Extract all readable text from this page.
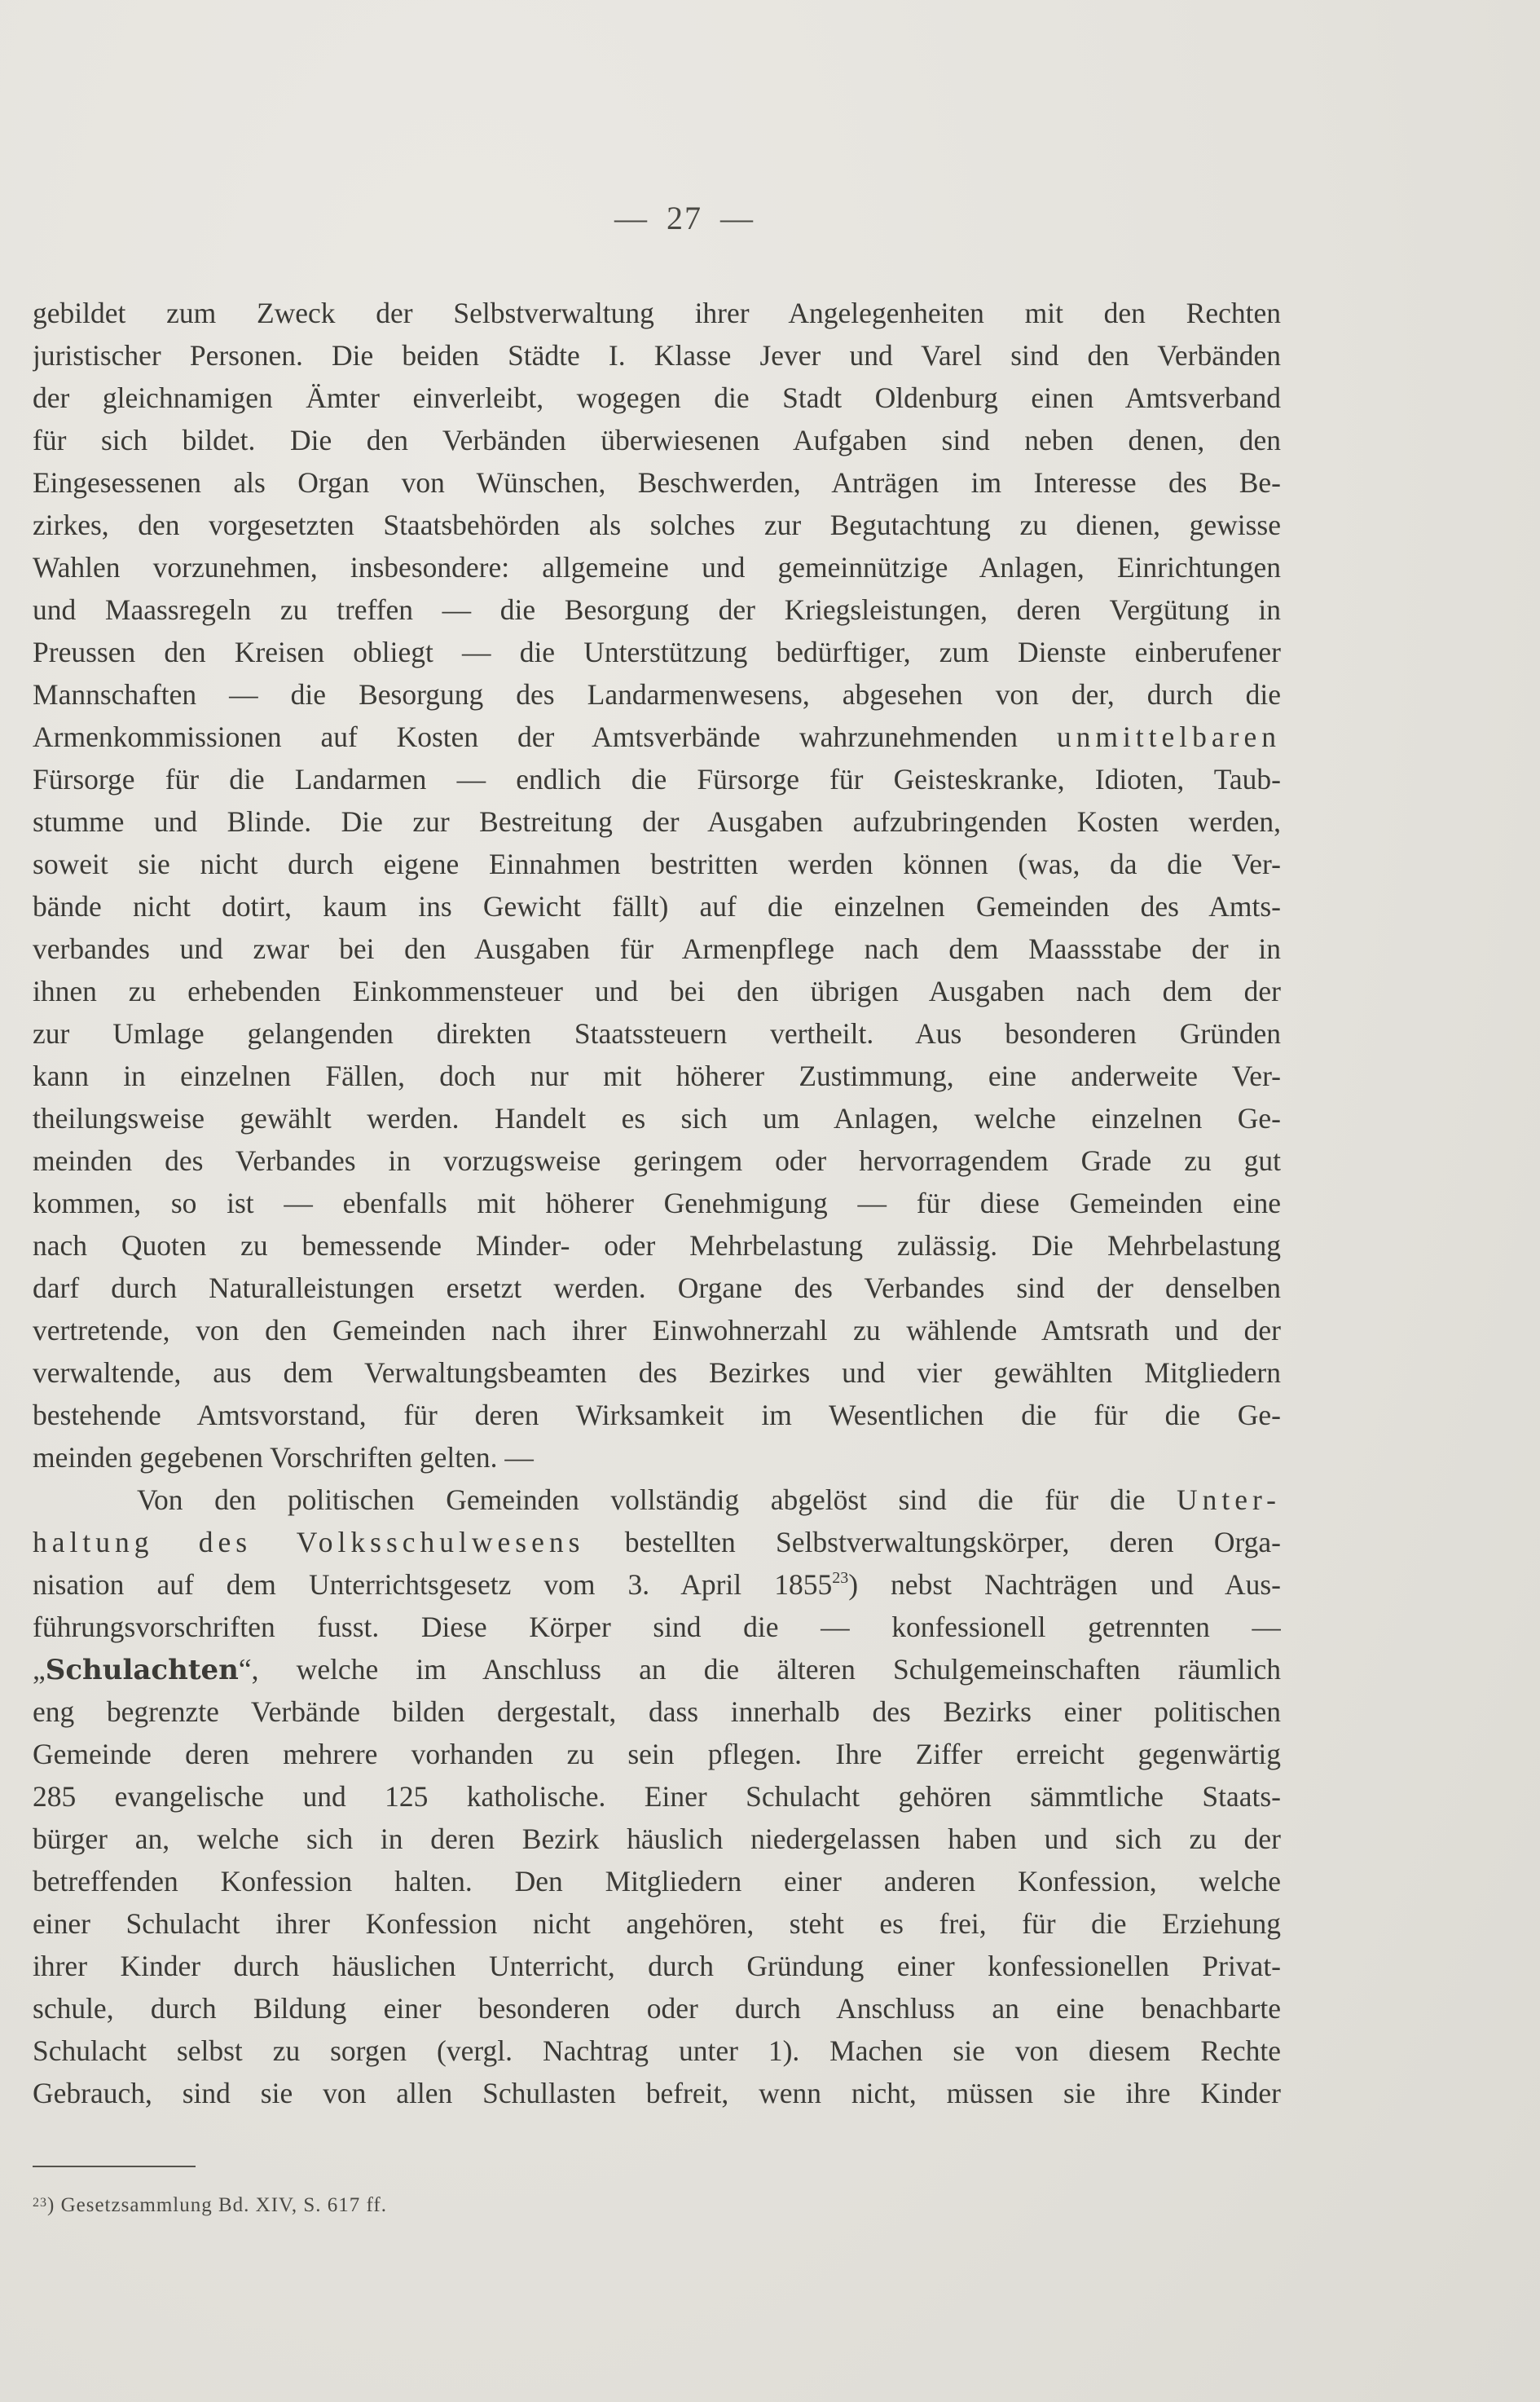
— 27 —
gebildet zum Zweck der Selbstverwaltung ihrer Angelegenheiten mit den Rechten
juristischer Personen. Die beiden Städte I. Klasse Jever und Varel sind den Verbänden
der gleichnamigen Ämter einverleibt, wogegen die Stadt Oldenburg einen Amtsverband
für sich bildet. Die den Verbänden überwiesenen Aufgaben sind neben denen, den
Eingesessenen als Organ von Wünschen, Beschwerden, Anträgen im Interesse des Be-
zirkes, den vorgesetzten Staatsbehörden als solches zur Begutachtung zu dienen, gewisse
Wahlen vorzunehmen, insbesondere: allgemeine und gemeinnützige Anlagen, Einrichtungen
und Maassregeln zu treffen — die Besorgung der Kriegsleistungen, deren Vergütung in
Preussen den Kreisen obliegt — die Unterstützung bedürftiger, zum Dienste einberufener
Mannschaften — die Besorgung des Landarmenwesens, abgesehen von der, durch die
Armenkommissionen auf Kosten der Amtsverbände wahrzunehmenden unmittelbaren
Fürsorge für die Landarmen — endlich die Fürsorge für Geisteskranke, Idioten, Taub-
stumme und Blinde. Die zur Bestreitung der Ausgaben aufzubringenden Kosten werden,
soweit sie nicht durch eigene Einnahmen bestritten werden können (was, da die Ver-
bände nicht dotirt, kaum ins Gewicht fällt) auf die einzelnen Gemeinden des Amts-
verbandes und zwar bei den Ausgaben für Armenpflege nach dem Maassstabe der in
ihnen zu erhebenden Einkommensteuer und bei den übrigen Ausgaben nach dem der
zur Umlage gelangenden direkten Staatssteuern vertheilt. Aus besonderen Gründen
kann in einzelnen Fällen, doch nur mit höherer Zustimmung, eine anderweite Ver-
theilungsweise gewählt werden. Handelt es sich um Anlagen, welche einzelnen Ge-
meinden des Verbandes in vorzugsweise geringem oder hervorragendem Grade zu gut
kommen, so ist — ebenfalls mit höherer Genehmigung — für diese Gemeinden eine
nach Quoten zu bemessende Minder- oder Mehrbelastung zulässig. Die Mehrbelastung
darf durch Naturalleistungen ersetzt werden. Organe des Verbandes sind der denselben
vertretende, von den Gemeinden nach ihrer Einwohnerzahl zu wählende Amtsrath und der
verwaltende, aus dem Verwaltungsbeamten des Bezirkes und vier gewählten Mitgliedern
bestehende Amtsvorstand, für deren Wirksamkeit im Wesentlichen die für die Ge-
meinden gegebenen Vorschriften gelten. —
Von den politischen Gemeinden vollständig abgelöst sind die für die Unter-
haltung des Volksschulwesens bestellten Selbstverwaltungskörper, deren Orga-
nisation auf dem Unterrichtsgesetz vom 3. April 1855$^{23}$) nebst Nachträgen und Aus-
führungsvorschriften fusst. Diese Körper sind die — konfessionell getrennten —
„Schulachten“, welche im Anschluss an die älteren Schulgemeinschaften räumlich
eng begrenzte Verbände bilden dergestalt, dass innerhalb des Bezirks einer politischen
Gemeinde deren mehrere vorhanden zu sein pflegen. Ihre Ziffer erreicht gegenwärtig
285 evangelische und 125 katholische. Einer Schulacht gehören sämmtliche Staats-
bürger an, welche sich in deren Bezirk häuslich niedergelassen haben und sich zu der
betreffenden Konfession halten. Den Mitgliedern einer anderen Konfession, welche
einer Schulacht ihrer Konfession nicht angehören, steht es frei, für die Erziehung
ihrer Kinder durch häuslichen Unterricht, durch Gründung einer konfessionellen Privat-
schule, durch Bildung einer besonderen oder durch Anschluss an eine benachbarte
Schulacht selbst zu sorgen (vergl. Nachtrag unter 1). Machen sie von diesem Rechte
Gebrauch, sind sie von allen Schullasten befreit, wenn nicht, müssen sie ihre Kinder
$^{23}$) Gesetzsammlung Bd. XIV, S. 617 ff.
